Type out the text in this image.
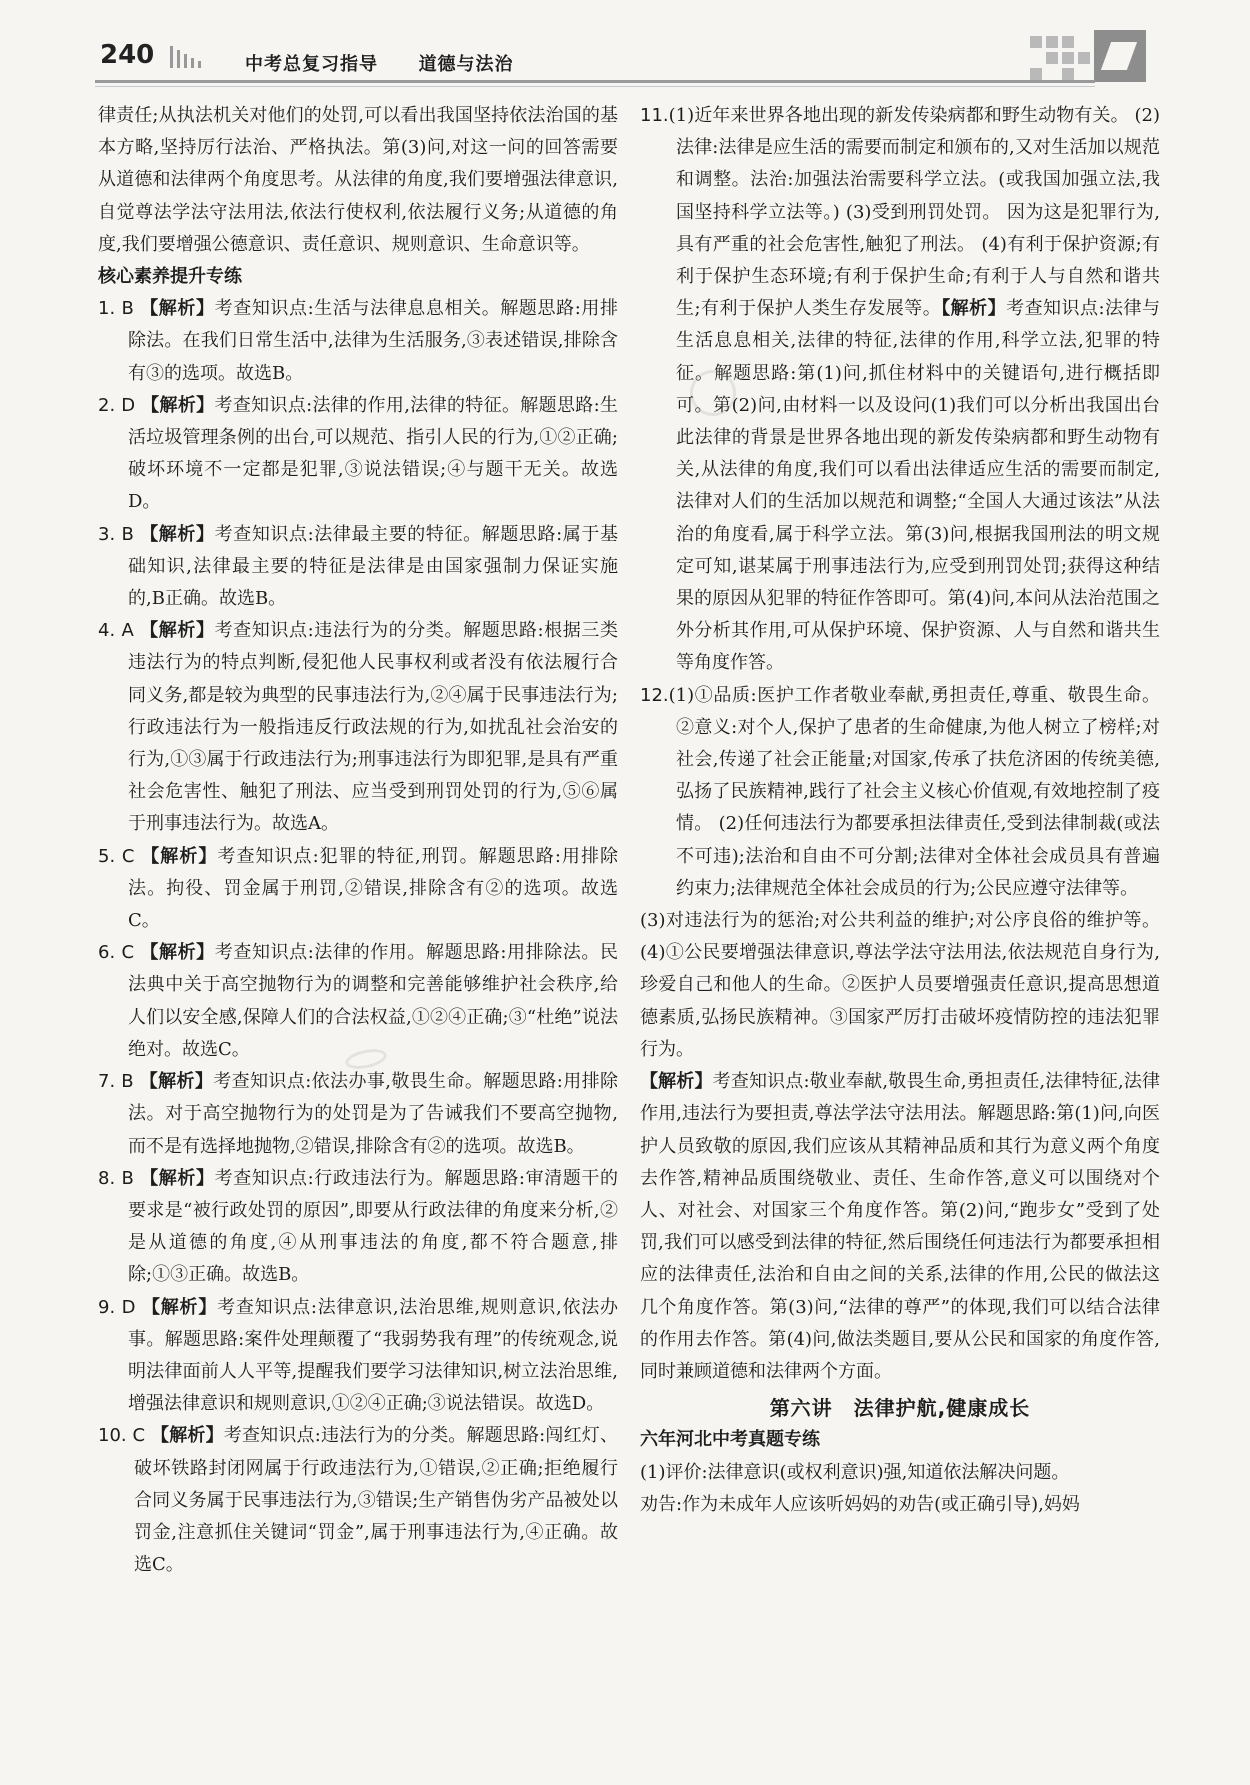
240	中考总复习指导 道德与法治

律责任;从执法机关对他们的处罚,可以看出我国坚持依法治国的基本方略,坚持厉行法治、严格执法。第(3)问,对这一问的回答需要从道德和法律两个角度思考。从法律的角度,我们要增强法律意识,自觉尊法学法守法用法,依法行使权利,依法履行义务;从道德的角度,我们要增强公德意识、责任意识、规则意识、生命意识等。

核心素养提升专练

1. B 【解析】考查知识点:生活与法律息息相关。解题思路:用排除法。在我们日常生活中,法律为生活服务,③表述错误,排除含有③的选项。故选B。

2. D 【解析】考查知识点:法律的作用,法律的特征。解题思路:生活垃圾管理条例的出台,可以规范、指引人民的行为,①②正确;破坏环境不一定都是犯罪,③说法错误;④与题干无关。故选D。

3. B 【解析】考查知识点:法律最主要的特征。解题思路:属于基础知识,法律最主要的特征是法律是由国家强制力保证实施的,B正确。故选B。

4. A 【解析】考查知识点:违法行为的分类。解题思路:根据三类违法行为的特点判断,侵犯他人民事权利或者没有依法履行合同义务,都是较为典型的民事违法行为,②④属于民事违法行为;行政违法行为一般指违反行政法规的行为,如扰乱社会治安的行为,①③属于行政违法行为;刑事违法行为即犯罪,是具有严重社会危害性、触犯了刑法、应当受到刑罚处罚的行为,⑤⑥属于刑事违法行为。故选A。

5. C 【解析】考查知识点:犯罪的特征,刑罚。解题思路:用排除法。拘役、罚金属于刑罚,②错误,排除含有②的选项。故选C。

6. C 【解析】考查知识点:法律的作用。解题思路:用排除法。民法典中关于高空抛物行为的调整和完善能够维护社会秩序,给人们以安全感,保障人们的合法权益,①②④正确;③“杜绝”说法绝对。故选C。

7. B 【解析】考查知识点:依法办事,敬畏生命。解题思路:用排除法。对于高空抛物行为的处罚是为了告诫我们不要高空抛物,而不是有选择地抛物,②错误,排除含有②的选项。故选B。

8. B 【解析】考查知识点:行政违法行为。解题思路:审清题干的要求是“被行政处罚的原因”,即要从行政法律的角度来分析,②是从道德的角度,④从刑事违法的角度,都不符合题意,排除;①③正确。故选B。

9. D 【解析】考查知识点:法律意识,法治思维,规则意识,依法办事。解题思路:案件处理颠覆了“我弱势我有理”的传统观念,说明法律面前人人平等,提醒我们要学习法律知识,树立法治思维,增强法律意识和规则意识,①②④正确;③说法错误。故选D。

10. C 【解析】考查知识点:违法行为的分类。解题思路:闯红灯、破坏铁路封闭网属于行政违法行为,①错误,②正确;拒绝履行合同义务属于民事违法行为,③错误;生产销售伪劣产品被处以罚金,注意抓住关键词“罚金”,属于刑事违法行为,④正确。故选C。

11.(1)近年来世界各地出现的新发传染病都和野生动物有关。 (2)法律:法律是应生活的需要而制定和颁布的,又对生活加以规范和调整。法治:加强法治需要科学立法。(或我国加强立法,我国坚持科学立法等。) (3)受到刑罚处罚。 因为这是犯罪行为,具有严重的社会危害性,触犯了刑法。 (4)有利于保护资源;有利于保护生态环境;有利于保护生命;有利于人与自然和谐共生;有利于保护人类生存发展等。【解析】考查知识点:法律与生活息息相关,法律的特征,法律的作用,科学立法,犯罪的特征。解题思路:第(1)问,抓住材料中的关键语句,进行概括即可。第(2)问,由材料一以及设问(1)我们可以分析出我国出台此法律的背景是世界各地出现的新发传染病都和野生动物有关,从法律的角度,我们可以看出法律适应生活的需要而制定,法律对人们的生活加以规范和调整;“全国人大通过该法”从法治的角度看,属于科学立法。第(3)问,根据我国刑法的明文规定可知,谌某属于刑事违法行为,应受到刑罚处罚;获得这种结果的原因从犯罪的特征作答即可。第(4)问,本问从法治范围之外分析其作用,可从保护环境、保护资源、人与自然和谐共生等角度作答。

12.(1)①品质:医护工作者敬业奉献,勇担责任,尊重、敬畏生命。②意义:对个人,保护了患者的生命健康,为他人树立了榜样;对社会,传递了社会正能量;对国家,传承了扶危济困的传统美德,弘扬了民族精神,践行了社会主义核心价值观,有效地控制了疫情。 (2)任何违法行为都要承担法律责任,受到法律制裁(或法不可违);法治和自由不可分割;法律对全体社会成员具有普遍约束力;法律规范全体社会成员的行为;公民应遵守法律等。

(3)对违法行为的惩治;对公共利益的维护;对公序良俗的维护等。 (4)①公民要增强法律意识,尊法学法守法用法,依法规范自身行为,珍爱自己和他人的生命。②医护人员要增强责任意识,提高思想道德素质,弘扬民族精神。③国家严厉打击破坏疫情防控的违法犯罪行为。

【解析】考查知识点:敬业奉献,敬畏生命,勇担责任,法律特征,法律作用,违法行为要担责,尊法学法守法用法。解题思路:第(1)问,向医护人员致敬的原因,我们应该从其精神品质和其行为意义两个角度去作答,精神品质围绕敬业、责任、生命作答,意义可以围绕对个人、对社会、对国家三个角度作答。第(2)问,“跑步女”受到了处罚,我们可以感受到法律的特征,然后围绕任何违法行为都要承担相应的法律责任,法治和自由之间的关系,法律的作用,公民的做法这几个角度作答。第(3)问,“法律的尊严”的体现,我们可以结合法律的作用去作答。第(4)问,做法类题目,要从公民和国家的角度作答,同时兼顾道德和法律两个方面。

第六讲　法律护航,健康成长

六年河北中考真题专练

(1)评价:法律意识(或权利意识)强,知道依法解决问题。

劝告:作为未成年人应该听妈妈的劝告(或正确引导),妈妈
